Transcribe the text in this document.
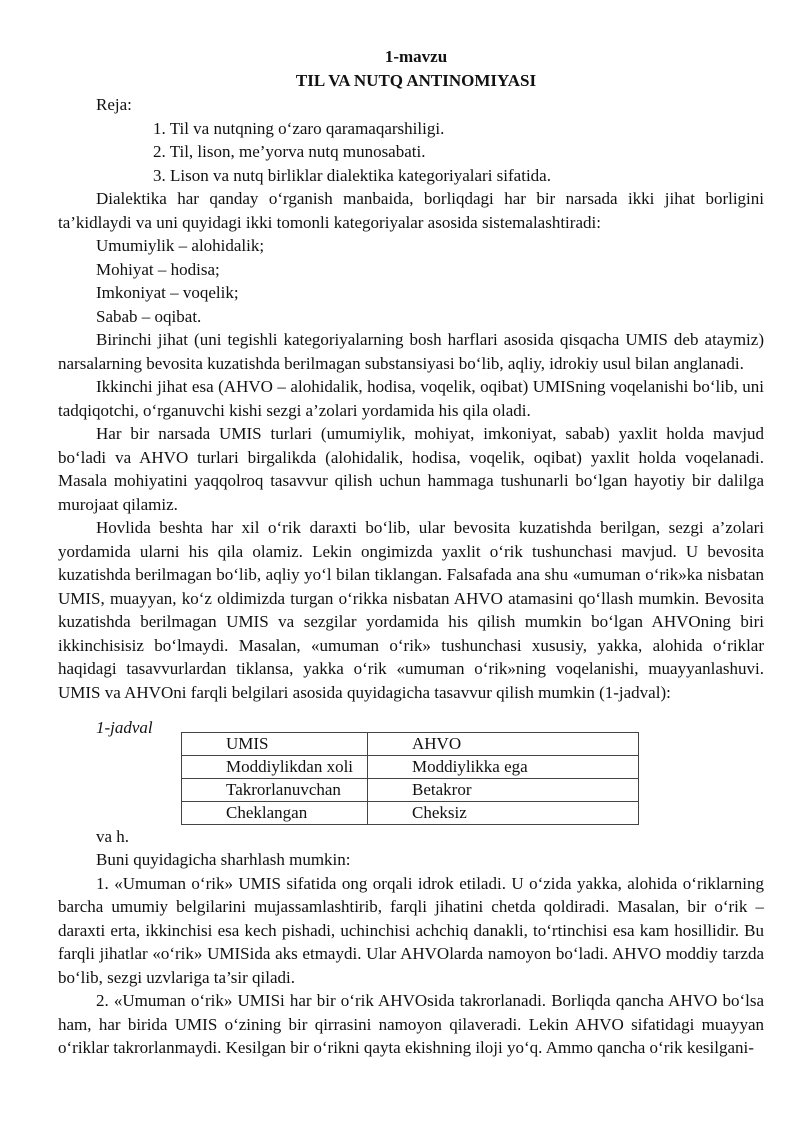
1-mavzu
TIL VA NUTQ ANTINOMIYASI
Reja:
1. Til va nutqning o‘zaro qaramaqarshiligi.
2. Til, lison, me’yorva nutq munosabati.
3. Lison va nutq birliklar dialektika kategoriyalari sifatida.

Dialektika har qanday o‘rganish manbaida, borliqdagi har bir narsada ikki jihat borligini ta’kidlaydi va uni quyidagi ikki tomonli kategoriyalar asosida sistemalashtiradi:

Umumiylik – alohidalik;
Mohiyat – hodisa;
Imkoniyat – voqelik;
Sabab – oqibat.

Birinchi jihat (uni tegishli kategoriyalarning bosh harflari asosida qisqacha UMIS deb ataymiz) narsalarning bevosita kuzatishda berilmagan substansiyasi bo‘lib, aqliy, idrokiy usul bilan anglanadi.

Ikkinchi jihat esa (AHVO – alohidalik, hodisa, voqelik, oqibat) UMISning voqelanishi bo‘lib, uni tadqiqotchi, o‘rganuvchi kishi sezgi a’zolari yordamida his qila oladi.

Har bir narsada UMIS turlari (umumiylik, mohiyat, imkoniyat, sabab) yaxlit holda mavjud bo‘ladi va AHVO turlari birgalikda (alohidalik, hodisa, voqelik, oqibat) yaxlit holda voqelanadi. Masala mohiyatini yaqqolroq tasavvur qilish uchun hammaga tushunarli bo‘lgan hayotiy bir dalilga murojaat qilamiz.

Hovlida beshta har xil o‘rik daraxti bo‘lib, ular bevosita kuzatishda berilgan, sezgi a’zolari yordamida ularni his qila olamiz. Lekin ongimizda yaxlit o‘rik tushunchasi mavjud. U bevosita kuzatishda berilmagan bo‘lib, aqliy yo‘l bilan tiklangan. Falsafada ana shu «umuman o‘rik»ka nisbatan UMIS, muayyan, ko‘z oldimizda turgan o‘rikka nisbatan AHVO atamasini qo‘llash mumkin. Bevosita kuzatishda berilmagan UMIS va sezgilar yordamida his qilish mumkin bo‘lgan AHVOning biri ikkinchisisiz bo‘lmaydi. Masalan, «umuman o‘rik» tushunchasi xususiy, yakka, alohida o‘riklar haqidagi tasavvurlardan tiklansa, yakka o‘rik «umuman o‘rik»ning voqelanishi, muayyanlashuvi. UMIS va AHVOni farqli belgilari asosida quyidagicha tasavvur qilish mumkin (1-jadval):

1-jadval
UMIS	AHVO
Moddiylikdan xoli	Moddiylikka ega
Takrorlanuvchan	Betakror
Cheklangan	Cheksiz
va h.
Buni quyidagicha sharhlash mumkin:

1. «Umuman o‘rik» UMIS sifatida ong orqali idrok etiladi. U o‘zida yakka, alohida o‘riklarning barcha umumiy belgilarini mujassamlashtirib, farqli jihatini chetda qoldiradi. Masalan, bir o‘rik – daraxti erta, ikkinchisi esa kech pishadi, uchinchisi achchiq danakli, to‘rtinchisi esa kam hosillidir. Bu farqli jihatlar «o‘rik» UMISida aks etmaydi. Ular AHVOlarda namoyon bo‘ladi. AHVO moddiy tarzda bo‘lib, sezgi uzvlariga ta’sir qiladi.

2. «Umuman o‘rik» UMISi har bir o‘rik AHVOsida takrorlanadi. Borliqda qancha AHVO bo‘lsa ham, har birida UMIS o‘zining bir qirrasini namoyon qilaveradi. Lekin AHVO sifatidagi muayyan o‘riklar takrorlanmaydi. Kesilgan bir o‘rikni qayta ekishning iloji yo‘q. Ammo qancha o‘rik kesilgani-
